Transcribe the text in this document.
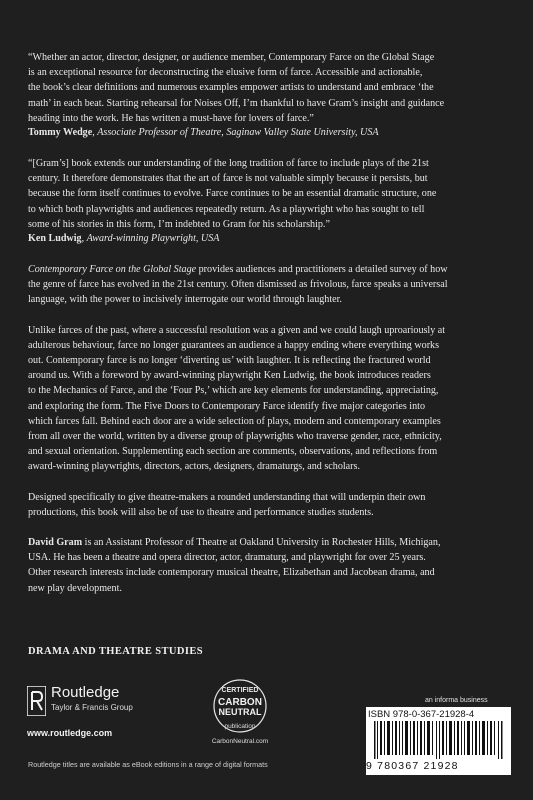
“Whether an actor, director, designer, or audience member, Contemporary Farce on the Global Stage

is an exceptional resource for deconstructing the elusive form of farce. Accessible and actionable,

the book’s clear definitions and numerous examples empower artists to understand and embrace ‘the

math’ in each beat. Starting rehearsal for Noises Off, I’m thankful to have Gram’s insight and guidance

heading into the work. He has written a must-have for lovers of farce.”

Tommy Wedge, Associate Professor of Theatre, Saginaw Valley State University, USA

“[Gram’s] book extends our understanding of the long tradition of farce to include plays of the 21st

century. It therefore demonstrates that the art of farce is not valuable simply because it persists, but

because the form itself continues to evolve. Farce continues to be an essential dramatic structure, one

to which both playwrights and audiences repeatedly return. As a playwright who has sought to tell

some of his stories in this form, I’m indebted to Gram for his scholarship.”

Ken Ludwig, Award-winning Playwright, USA

Contemporary Farce on the Global Stage provides audiences and practitioners a detailed survey of how

the genre of farce has evolved in the 21st century. Often dismissed as frivolous, farce speaks a universal

language, with the power to incisively interrogate our world through laughter.

Unlike farces of the past, where a successful resolution was a given and we could laugh uproariously at

adulterous behaviour, farce no longer guarantees an audience a happy ending where everything works

out. Contemporary farce is no longer ‘diverting us’ with laughter. It is reflecting the fractured world

around us. With a foreword by award-winning playwright Ken Ludwig, the book introduces readers

to the Mechanics of Farce, and the ‘Four Ps,’ which are key elements for understanding, appreciating,

and exploring the form. The Five Doors to Contemporary Farce identify five major categories into

which farces fall. Behind each door are a wide selection of plays, modern and contemporary examples

from all over the world, written by a diverse group of playwrights who traverse gender, race, ethnicity,

and sexual orientation. Supplementing each section are comments, observations, and reflections from

award-winning playwrights, directors, actors, designers, dramaturgs, and scholars.

Designed specifically to give theatre-makers a rounded understanding that will underpin their own

productions, this book will also be of use to theatre and performance studies students.

David Gram is an Assistant Professor of Theatre at Oakland University in Rochester Hills, Michigan,

USA. He has been a theatre and opera director, actor, dramaturg, and playwright for over 25 years.

Other research interests include contemporary musical theatre, Elizabethan and Jacobean drama, and

new play development.

DRAMA AND THEATRE STUDIES
Routledge
Taylor & Francis Group
www.routledge.com
CERTIFIED
CARBON
NEUTRAL
publication
CarbonNeutral.com
an informa business
ISBN 978-0-367-21928-4
9 780367 21928
Routledge titles are available as eBook editions in a range of digital formats
